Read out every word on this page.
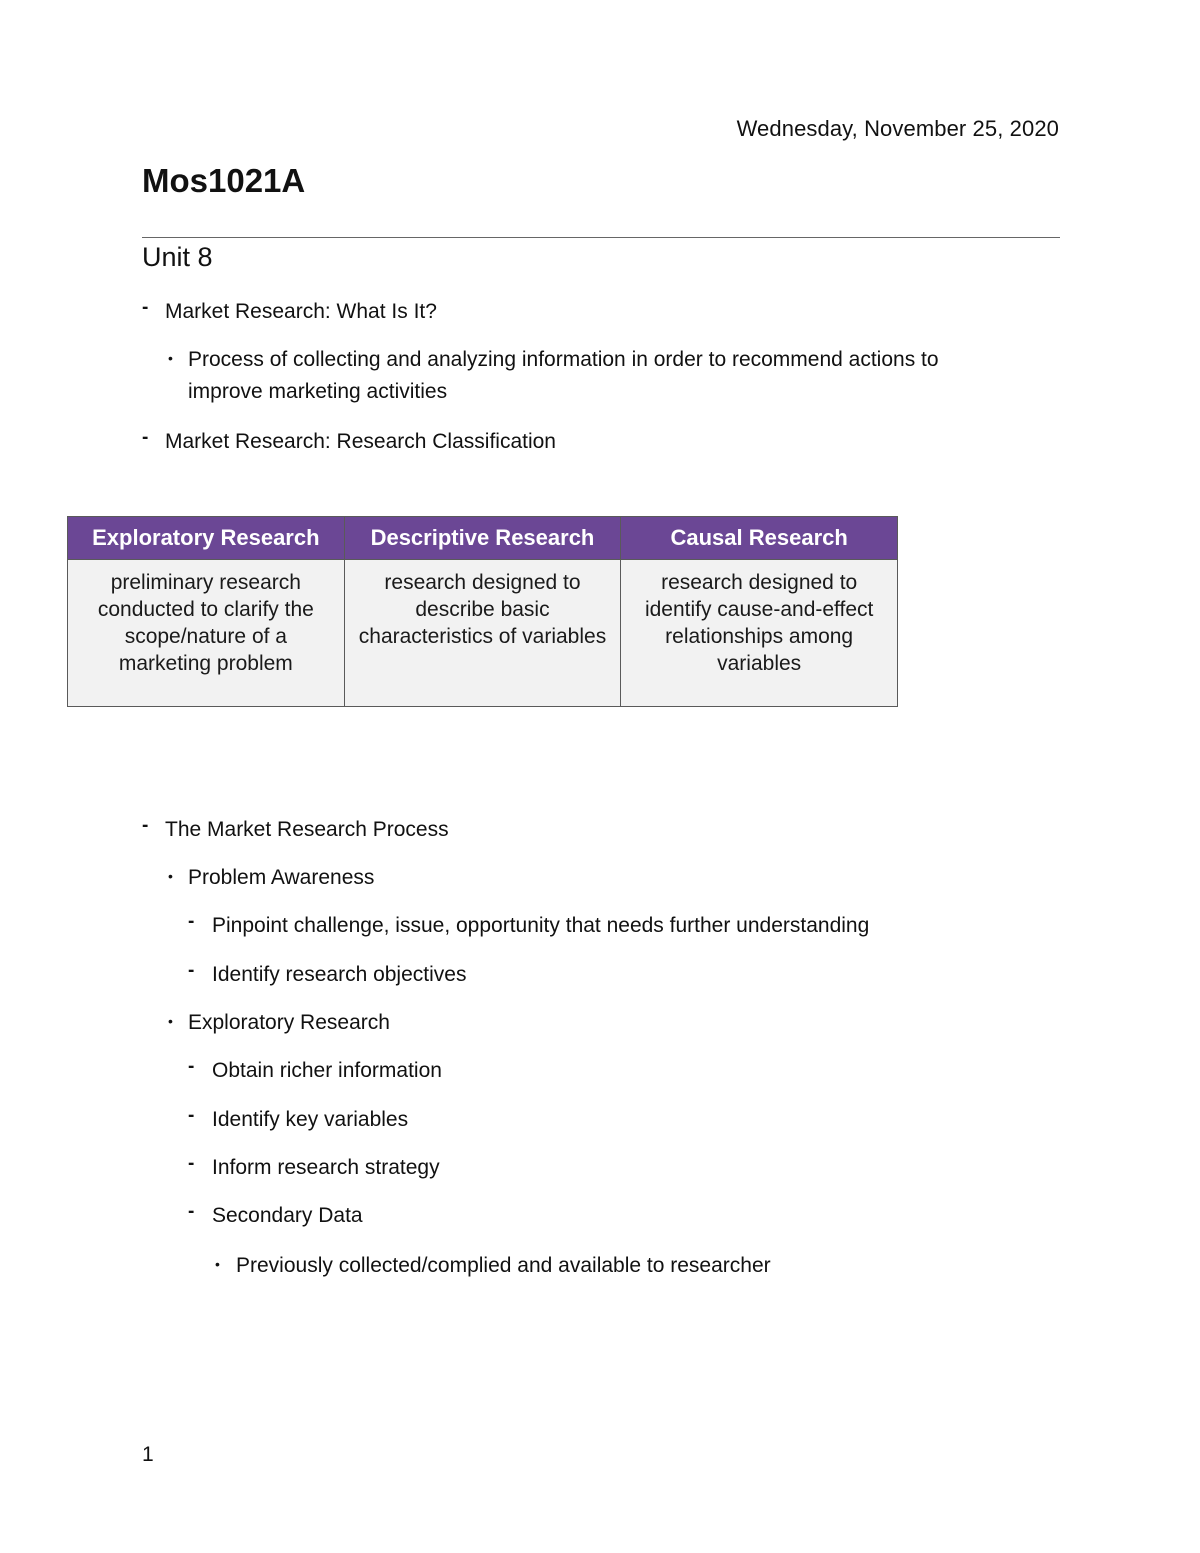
Wednesday, November 25, 2020
Mos1021A
Unit 8
- Market Research: What Is It?
• Process of collecting and analyzing information in order to recommend actions to
improve marketing activities
- Market Research: Research Classification
Exploratory Research	Descriptive Research	Causal Research
preliminary research conducted to clarify the scope/nature of a marketing problem	research designed to describe basic characteristics of variables	research designed to identify cause-and-effect relationships among variables
- The Market Research Process
• Problem Awareness
- Pinpoint challenge, issue, opportunity that needs further understanding
- Identify research objectives
• Exploratory Research
- Obtain richer information
- Identify key variables
- Inform research strategy
- Secondary Data
• Previously collected/complied and available to researcher
1
